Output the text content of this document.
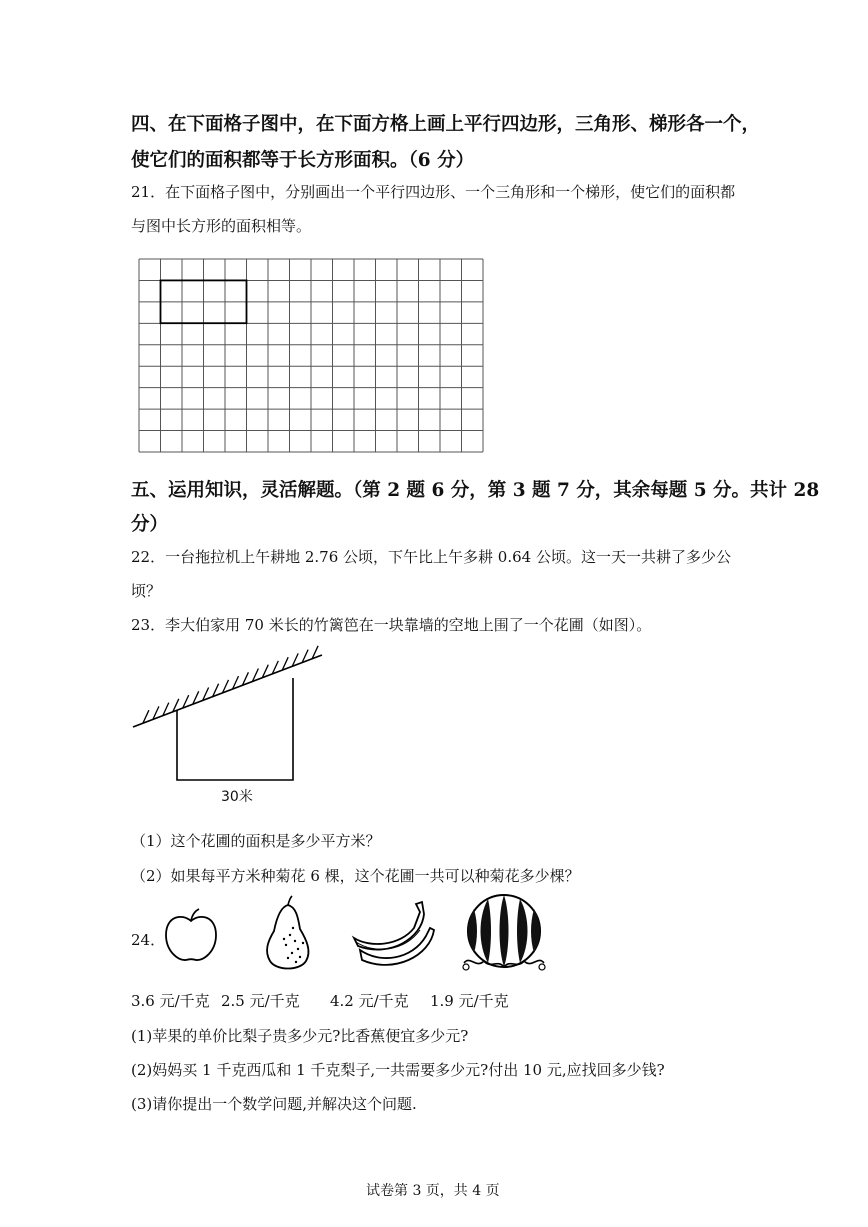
四、在下面格子图中，在下面方格上画上平行四边形，三角形、梯形各一个，
使它们的面积都等于长方形面积。（6 分）
21．在下面格子图中，分别画出一个平行四边形、一个三角形和一个梯形，使它们的面积都
与图中长方形的面积相等。
五、运用知识，灵活解题。（第 2 题 6 分，第 3 题 7 分，其余每题 5 分。共计 28
分）
22．一台拖拉机上午耕地 2.76 公顷，下午比上午多耕 0.64 公顷。这一天一共耕了多少公
顷？
23．李大伯家用 70 米长的竹篱笆在一块靠墙的空地上围了一个花圃（如图）。
30米
（1）这个花圃的面积是多少平方米？
（2）如果每平方米种菊花 6 棵，这个花圃一共可以种菊花多少棵？
24．
3.6 元/千克 2.5 元/千克 4.2 元/千克 1.9 元/千克
(1)苹果的单价比梨子贵多少元?比香蕉便宜多少元?
(2)妈妈买 1 千克西瓜和 1 千克梨子,一共需要多少元?付出 10 元,应找回多少钱?
(3)请你提出一个数学问题,并解决这个问题.
试卷第 3 页，共 4 页
